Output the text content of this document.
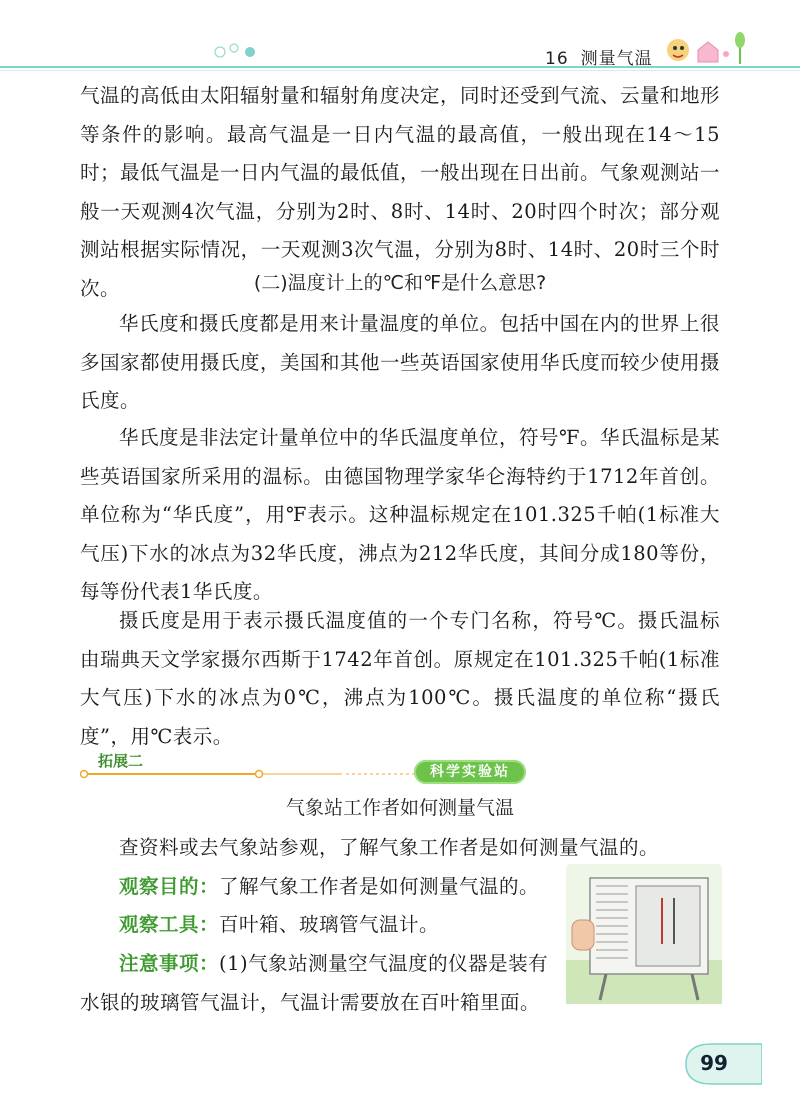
16 测量气温

气温的高低由太阳辐射量和辐射角度决定，同时还受到气流、云量和地形等条件的影响。最高气温是一日内气温的最高值，一般出现在14～15时；最低气温是一日内气温的最低值，一般出现在日出前。气象观测站一般一天观测4次气温，分别为2时、8时、14时、20时四个时次；部分观测站根据实际情况，一天观测3次气温，分别为8时、14时、20时三个时次。	(二)温度计上的℃和℉是什么意思?

华氏度和摄氏度都是用来计量温度的单位。包括中国在内的世界上很多国家都使用摄氏度，美国和其他一些英语国家使用华氏度而较少使用摄氏度。

华氏度是非法定计量单位中的华氏温度单位，符号℉。华氏温标是某些英语国家所采用的温标。由德国物理学家华仑海特约于1712年首创。单位称为“华氏度”，用℉表示。这种温标规定在101.325千帕(1标准大气压)下水的冰点为32华氏度，沸点为212华氏度，其间分成180等份，每等份代表1华氏度。

摄氏度是用于表示摄氏温度值的一个专门名称，符号℃。摄氏温标由瑞典天文学家摄尔西斯于1742年首创。原规定在101.325千帕(1标准大气压)下水的冰点为0℃，沸点为100℃。摄氏温度的单位称“摄氏度”，用℃表示。

拓展二
科学实验站
气象站工作者如何测量气温

查资料或去气象站参观，了解气象工作者是如何测量气温的。

观察目的：了解气象工作者是如何测量气温的。

观察工具：百叶箱、玻璃管气温计。

注意事项：(1)气象站测量空气温度的仪器是装有

水银的玻璃管气温计，气温计需要放在百叶箱里面。

99
